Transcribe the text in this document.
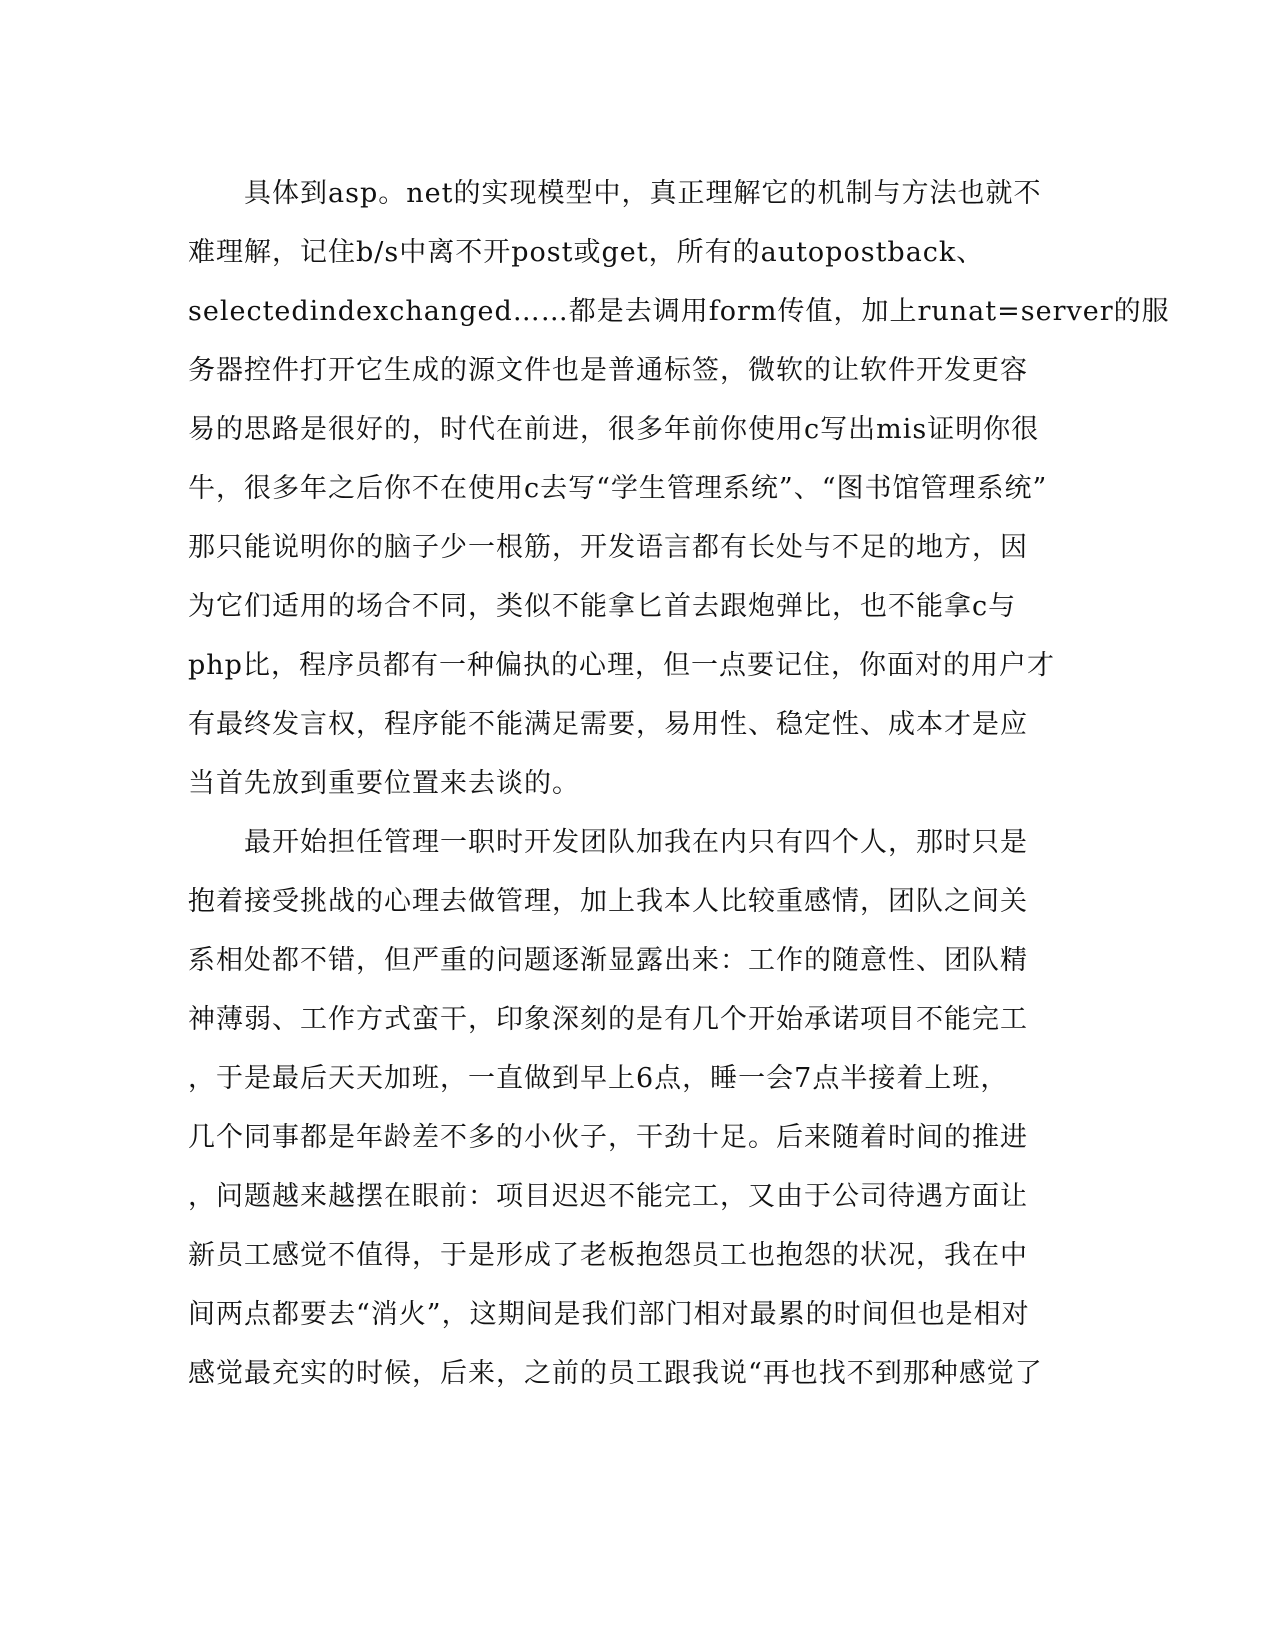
　　具体到asp。net的实现模型中，真正理解它的机制与方法也就不
难理解，记住b/s中离不开post或get，所有的autopostback、
selectedindexchanged……都是去调用form传值，加上runat=server的服
务器控件打开它生成的源文件也是普通标签，微软的让软件开发更容
易的思路是很好的，时代在前进，很多年前你使用c写出mis证明你很
牛，很多年之后你不在使用c去写“学生管理系统”、“图书馆管理系统”
那只能说明你的脑子少一根筋，开发语言都有长处与不足的地方，因
为它们适用的场合不同，类似不能拿匕首去跟炮弹比，也不能拿c与
php比，程序员都有一种偏执的心理，但一点要记住，你面对的用户才
有最终发言权，程序能不能满足需要，易用性、稳定性、成本才是应
当首先放到重要位置来去谈的。
　　最开始担任管理一职时开发团队加我在内只有四个人，那时只是
抱着接受挑战的心理去做管理，加上我本人比较重感情，团队之间关
系相处都不错，但严重的问题逐渐显露出来：工作的随意性、团队精
神薄弱、工作方式蛮干，印象深刻的是有几个开始承诺项目不能完工
，于是最后天天加班，一直做到早上6点，睡一会7点半接着上班，
几个同事都是年龄差不多的小伙子，干劲十足。后来随着时间的推进
，问题越来越摆在眼前：项目迟迟不能完工，又由于公司待遇方面让
新员工感觉不值得，于是形成了老板抱怨员工也抱怨的状况，我在中
间两点都要去“消火”，这期间是我们部门相对最累的时间但也是相对
感觉最充实的时候，后来，之前的员工跟我说“再也找不到那种感觉了
